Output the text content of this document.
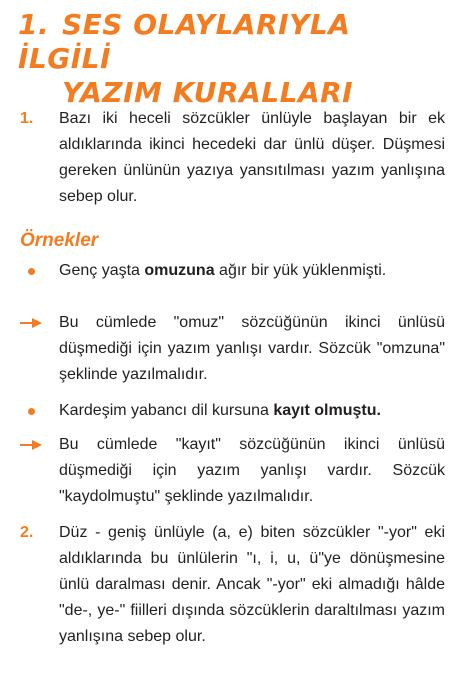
1. SES OLAYLARIYLA İLGİLİ
YAZIM KURALLARI
1. Bazı iki heceli sözcükler ünlüyle başlayan bir ek aldıklarında ikinci hecedeki dar ünlü düşer. Düşmesi gereken ünlünün yazıya yansıtılması yazım yanlışına sebep olur.
Örnekler
Genç yaşta omuzuna ağır bir yük yüklenmişti.
Bu cümlede "omuz" sözcüğünün ikinci ünlüsü düşmediği için yazım yanlışı vardır. Sözcük "omzuna" şeklinde yazılmalıdır.
Kardeşim yabancı dil kursuna kayıt olmuştu.
Bu cümlede "kayıt" sözcüğünün ikinci ünlüsü düşmediği için yazım yanlışı vardır. Sözcük "kaydolmuştu" şeklinde yazılmalıdır.
2. Düz - geniş ünlüyle (a, e) biten sözcükler "-yor" eki aldıklarında bu ünlülerin "ı, i, u, ü"ye dönüşmesine ünlü daralması denir. Ancak "-yor" eki almadığı hâlde "de-, ye-" fiilleri dışında sözcüklerin daraltılması yazım yanlışına sebep olur.
